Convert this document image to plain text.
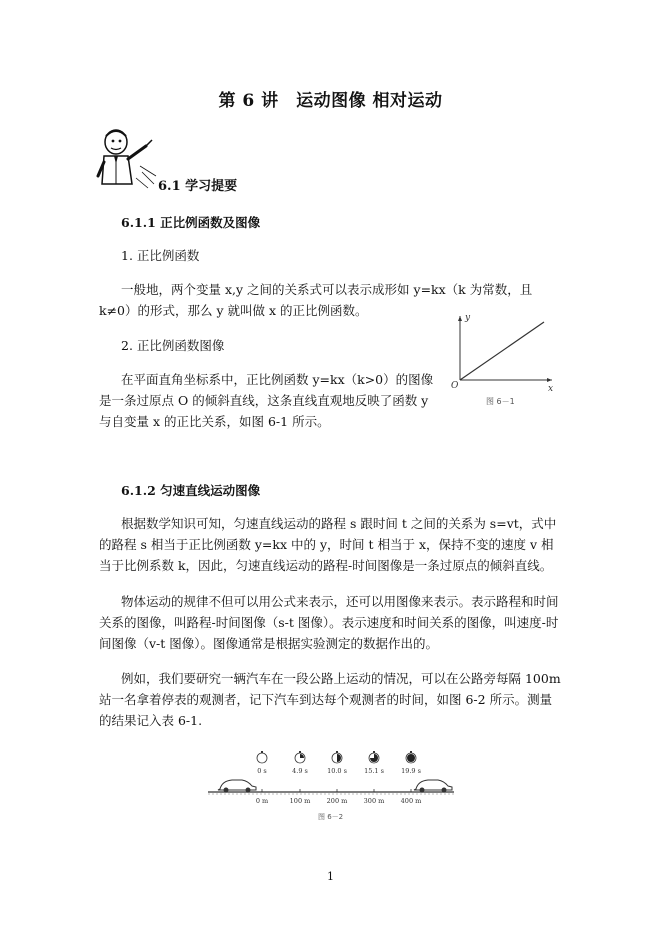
第 6 讲　运动图像 相对运动
6.1 学习提要
6.1.1 正比例函数及图像
1. 正比例函数
一般地，两个变量 x,y 之间的关系式可以表示成形如 y=kx（k 为常数，且 k≠0）的形式，那么 y 就叫做 x 的正比例函数。
2. 正比例函数图像
在平面直角坐标系中，正比例函数 y=kx（k>0）的图像是一条过原点 O 的倾斜直线，这条直线直观地反映了函数 y 与自变量 x 的正比关系，如图 6-1 所示。
y
x
O
图 6－1
6.1.2 匀速直线运动图像
根据数学知识可知，匀速直线运动的路程 s 跟时间 t 之间的关系为 s=vt，式中的路程 s 相当于正比例函数 y=kx 中的 y，时间 t 相当于 x，保持不变的速度 v 相当于比例系数 k，因此，匀速直线运动的路程-时间图像是一条过原点的倾斜直线。
物体运动的规律不但可以用公式来表示，还可以用图像来表示。表示路程和时间关系的图像，叫路程-时间图像（s-t 图像）。表示速度和时间关系的图像，叫速度-时间图像（v-t 图像）。图像通常是根据实验测定的数据作出的。
例如，我们要研究一辆汽车在一段公路上运动的情况，可以在公路旁每隔 100m 站一名拿着停表的观测者，记下汽车到达每个观测者的时间，如图 6-2 所示。测量的结果记入表 6-1.
0 s
0 m
4.9 s
100 m
10.0 s
200 m
15.1 s
300 m
19.9 s
400 m
图 6－2
1
